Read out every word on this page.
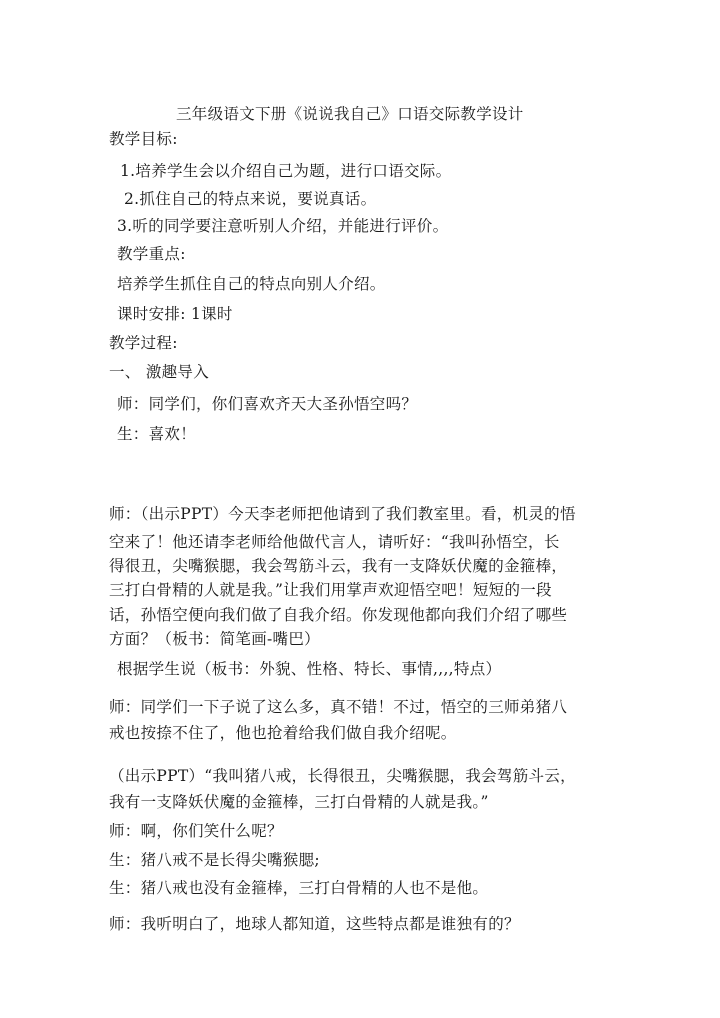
三年级语文下册《说说我自己》口语交际教学设计
教学目标:
1.培养学生会以介绍自己为题，进行口语交际。
2.抓住自己的特点来说，要说真话。
3.听的同学要注意听别人介绍，并能进行评价。
教学重点:
培养学生抓住自己的特点向别人介绍。
课时安排: 1课时
教学过程:
一、 激趣导入
师：同学们，你们喜欢齐天大圣孙悟空吗？
生：喜欢！
师：（出示PPT）今天李老师把他请到了我们教室里。看，机灵的悟
空来了！他还请李老师给他做代言人，请听好：“我叫孙悟空，长
得很丑，尖嘴猴腮，我会驾筋斗云，我有一支降妖伏魔的金箍棒，
三打白骨精的人就是我。”让我们用掌声欢迎悟空吧！短短的一段
话，孙悟空便向我们做了自我介绍。你发现他都向我们介绍了哪些
方面？（板书：简笔画-嘴巴）
根据学生说（板书：外貌、性格、特长、事情,,,,特点）
师：同学们一下子说了这么多，真不错！不过，悟空的三师弟猪八
戒也按捺不住了，他也抢着给我们做自我介绍呢。
（出示PPT）“我叫猪八戒，长得很丑，尖嘴猴腮，我会驾筋斗云，
我有一支降妖伏魔的金箍棒，三打白骨精的人就是我。”
师：啊，你们笑什么呢？
生：猪八戒不是长得尖嘴猴腮;
生：猪八戒也没有金箍棒，三打白骨精的人也不是他。
师：我听明白了，地球人都知道，这些特点都是谁独有的？
